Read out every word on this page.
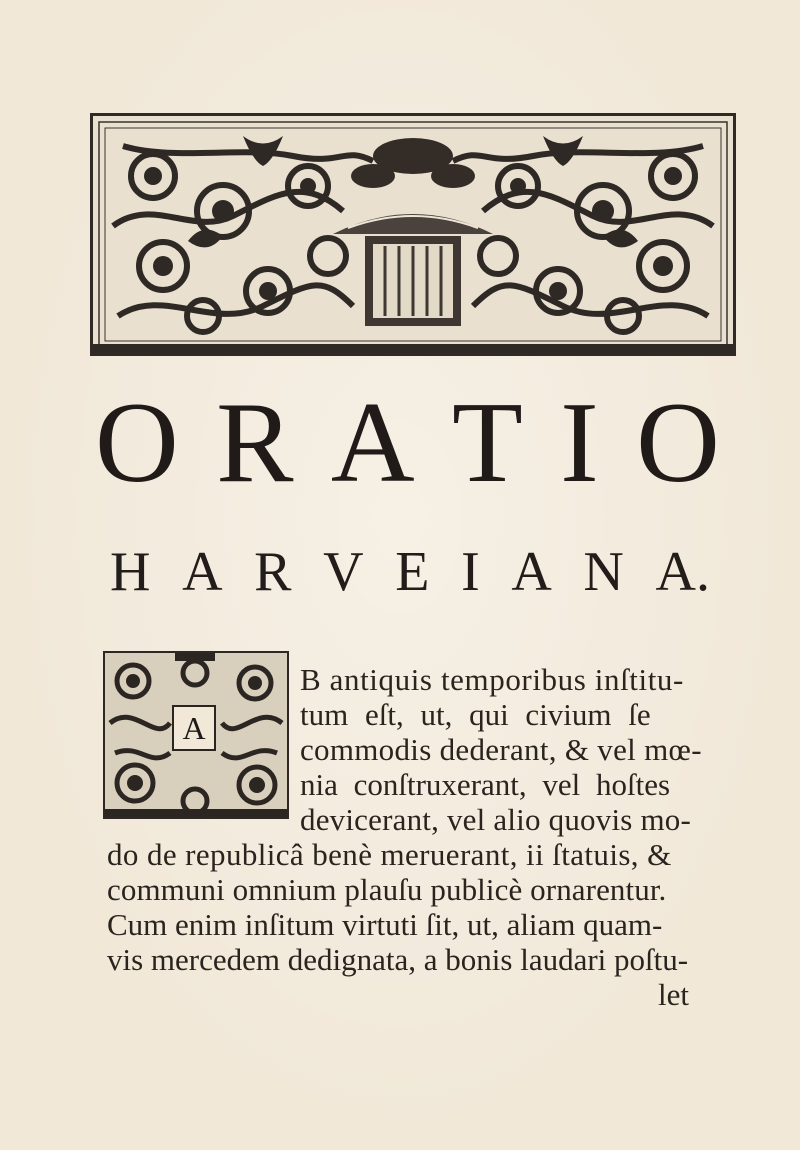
O R A T I O
H A R V E I A N A.
A
B antiquis temporibus inſtitu-
tum eſt, ut, qui civium ſe
commodis dederant, & vel mœ-
nia conſtruxerant, vel hoſtes
devicerant, vel alio quovis mo-
do de republicâ benè meruerant, ii ſtatuis, &
communi omnium plauſu publicè ornarentur.
Cum enim inſitum virtuti ſit, ut, aliam quam-
vis mercedem dedignata, a bonis laudari poſtu-
let
